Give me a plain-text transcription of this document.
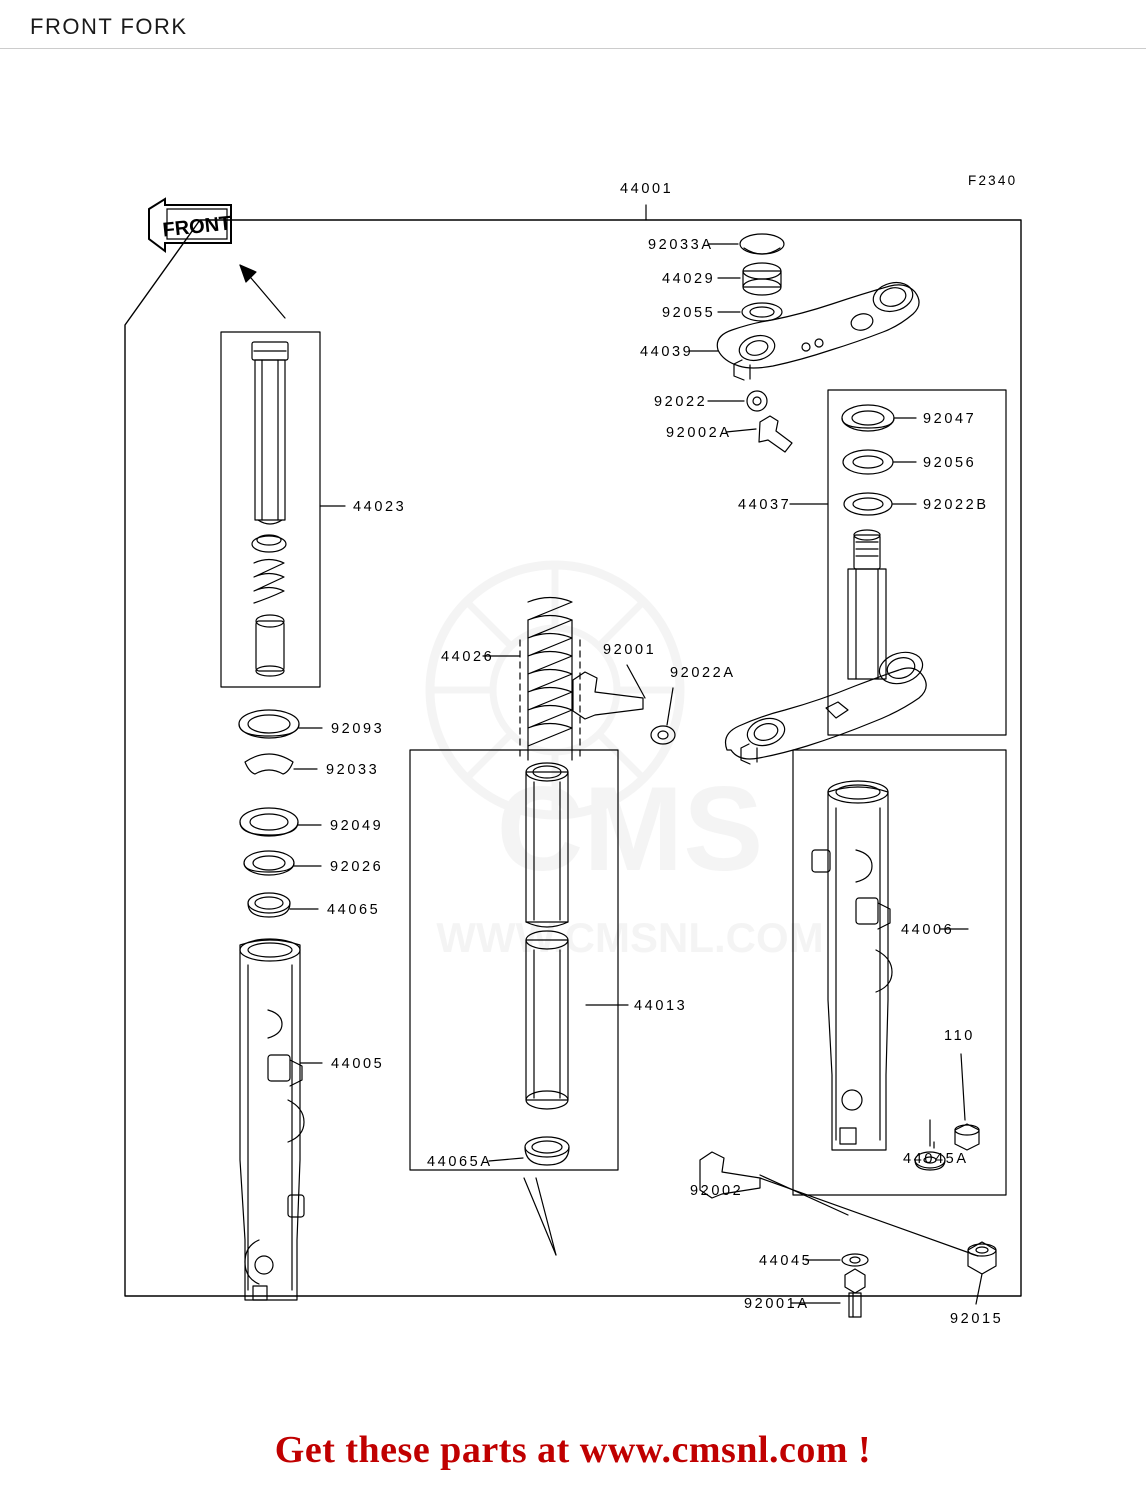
FRONT FORK
CMS
WWW.CMSNL.COM
FRONT
44001
F2340
92033A
44029
92055
44039
92022
92002A
92047
92056
92022B
44037
44023
44026	92001
92022A
92093
92033
92049
92026
44065
44006
44013
44005
110
92002
44045A
44065A
44045
92001A
92015
Get these parts at www.cmsnl.com !
